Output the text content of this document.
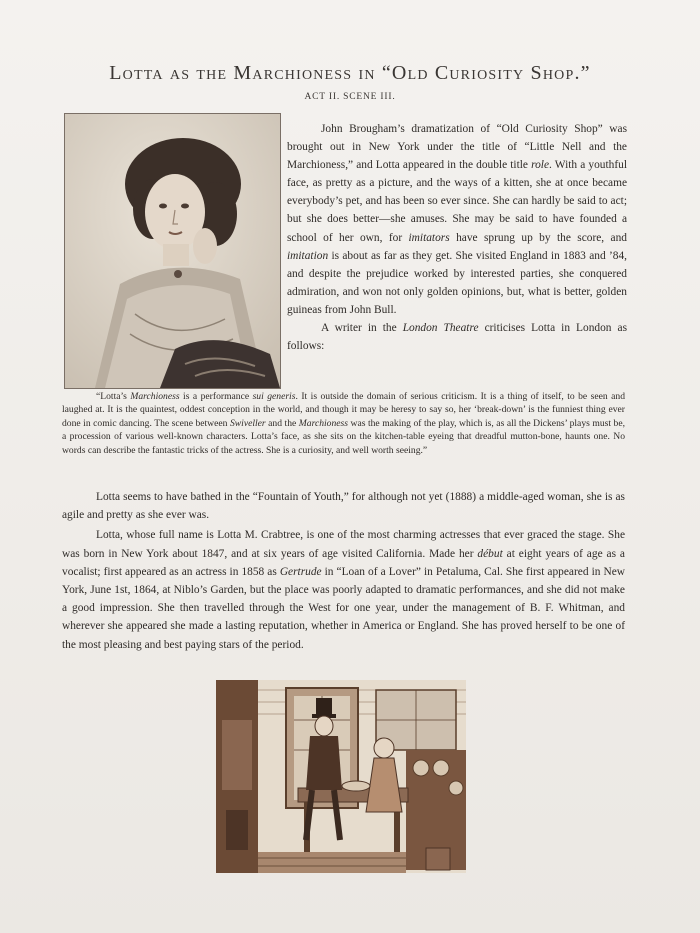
Lotta as the Marchioness in “Old Curiosity Shop.”
ACT II. SCENE III.

John Brougham’s dramatization of “Old Curiosity Shop” was brought out in New York under the title of “Little Nell and the Marchioness,” and Lotta appeared in the double title role. With a youthful face, as pretty as a picture, and the ways of a kitten, she at once became everybody’s pet, and has been so ever since. She can hardly be said to act; but she does better—she amuses. She may be said to have founded a school of her own, for imitators have sprung up by the score, and imitation is about as far as they get. She visited England in 1883 and ’84, and despite the prejudice worked by interested parties, she conquered admiration, and won not only golden opinions, but, what is better, golden guineas from John Bull.

A writer in the London Theatre criticises Lotta in London as follows:

“Lotta’s Marchioness is a performance sui generis. It is outside the domain of serious criticism. It is a thing of itself, to be seen and laughed at. It is the quaintest, oddest conception in the world, and though it may be heresy to say so, her ‘break-down’ is the funniest thing ever done in comic dancing. The scene between Swiveller and the Marchioness was the making of the play, which is, as all the Dickens’ plays must be, a procession of various well-known characters. Lotta’s face, as she sits on the kitchen-table eyeing that dreadful mutton-bone, haunts one. No words can describe the fantastic tricks of the actress. She is a curiosity, and well worth seeing.”

Lotta seems to have bathed in the “Fountain of Youth,” for although not yet (1888) a middle-aged woman, she is as agile and pretty as she ever was.

Lotta, whose full name is Lotta M. Crabtree, is one of the most charming actresses that ever graced the stage. She was born in New York about 1847, and at six years of age visited California. Made her début at eight years of age as a vocalist; first appeared as an actress in 1858 as Gertrude in “Loan of a Lover” in Petaluma, Cal. She first appeared in New York, June 1st, 1864, at Niblo’s Garden, but the place was poorly adapted to dramatic performances, and she did not make a good impression. She then travelled through the West for one year, under the management of B. F. Whitman, and wherever she appeared she made a lasting reputation, whether in America or England. She has proved herself to be one of the most pleasing and best paying stars of the period.
